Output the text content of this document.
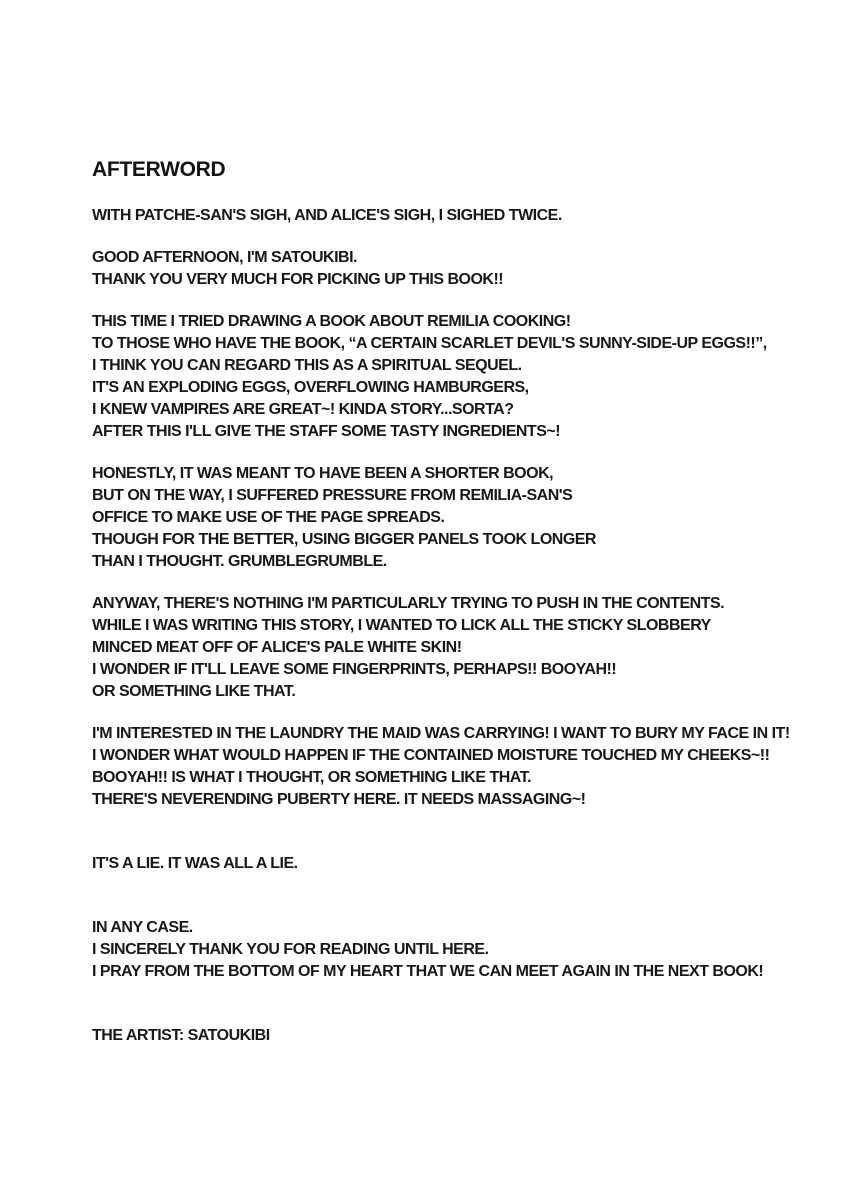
AFTERWORD
WITH PATCHE-SAN'S SIGH, AND ALICE'S SIGH, I SIGHED TWICE.
GOOD AFTERNOON, I'M SATOUKIBI.
THANK YOU VERY MUCH FOR PICKING UP THIS BOOK!!
THIS TIME I TRIED DRAWING A BOOK ABOUT REMILIA COOKING!
TO THOSE WHO HAVE THE BOOK, “A CERTAIN SCARLET DEVIL'S SUNNY-SIDE-UP EGGS!!”,
I THINK YOU CAN REGARD THIS AS A SPIRITUAL SEQUEL.
IT'S AN EXPLODING EGGS, OVERFLOWING HAMBURGERS,
I KNEW VAMPIRES ARE GREAT~! KINDA STORY...SORTA?
AFTER THIS I'LL GIVE THE STAFF SOME TASTY INGREDIENTS~!
HONESTLY, IT WAS MEANT TO HAVE BEEN A SHORTER BOOK,
BUT ON THE WAY, I SUFFERED PRESSURE FROM REMILIA-SAN'S
OFFICE TO MAKE USE OF THE PAGE SPREADS.
THOUGH FOR THE BETTER, USING BIGGER PANELS TOOK LONGER
THAN I THOUGHT. GRUMBLEGRUMBLE.
ANYWAY, THERE'S NOTHING I'M PARTICULARLY TRYING TO PUSH IN THE CONTENTS.
WHILE I WAS WRITING THIS STORY, I WANTED TO LICK ALL THE STICKY SLOBBERY
MINCED MEAT OFF OF ALICE'S PALE WHITE SKIN!
I WONDER IF IT'LL LEAVE SOME FINGERPRINTS, PERHAPS!! BOOYAH!!
OR SOMETHING LIKE THAT.
I'M INTERESTED IN THE LAUNDRY THE MAID WAS CARRYING! I WANT TO BURY MY FACE IN IT!
I WONDER WHAT WOULD HAPPEN IF THE CONTAINED MOISTURE TOUCHED MY CHEEKS~!!
BOOYAH!! IS WHAT I THOUGHT, OR SOMETHING LIKE THAT.
THERE'S NEVERENDING PUBERTY HERE. IT NEEDS MASSAGING~!
IT'S A LIE. IT WAS ALL A LIE.
IN ANY CASE.
I SINCERELY THANK YOU FOR READING UNTIL HERE.
I PRAY FROM THE BOTTOM OF MY HEART THAT WE CAN MEET AGAIN IN THE NEXT BOOK!
THE ARTIST: SATOUKIBI
